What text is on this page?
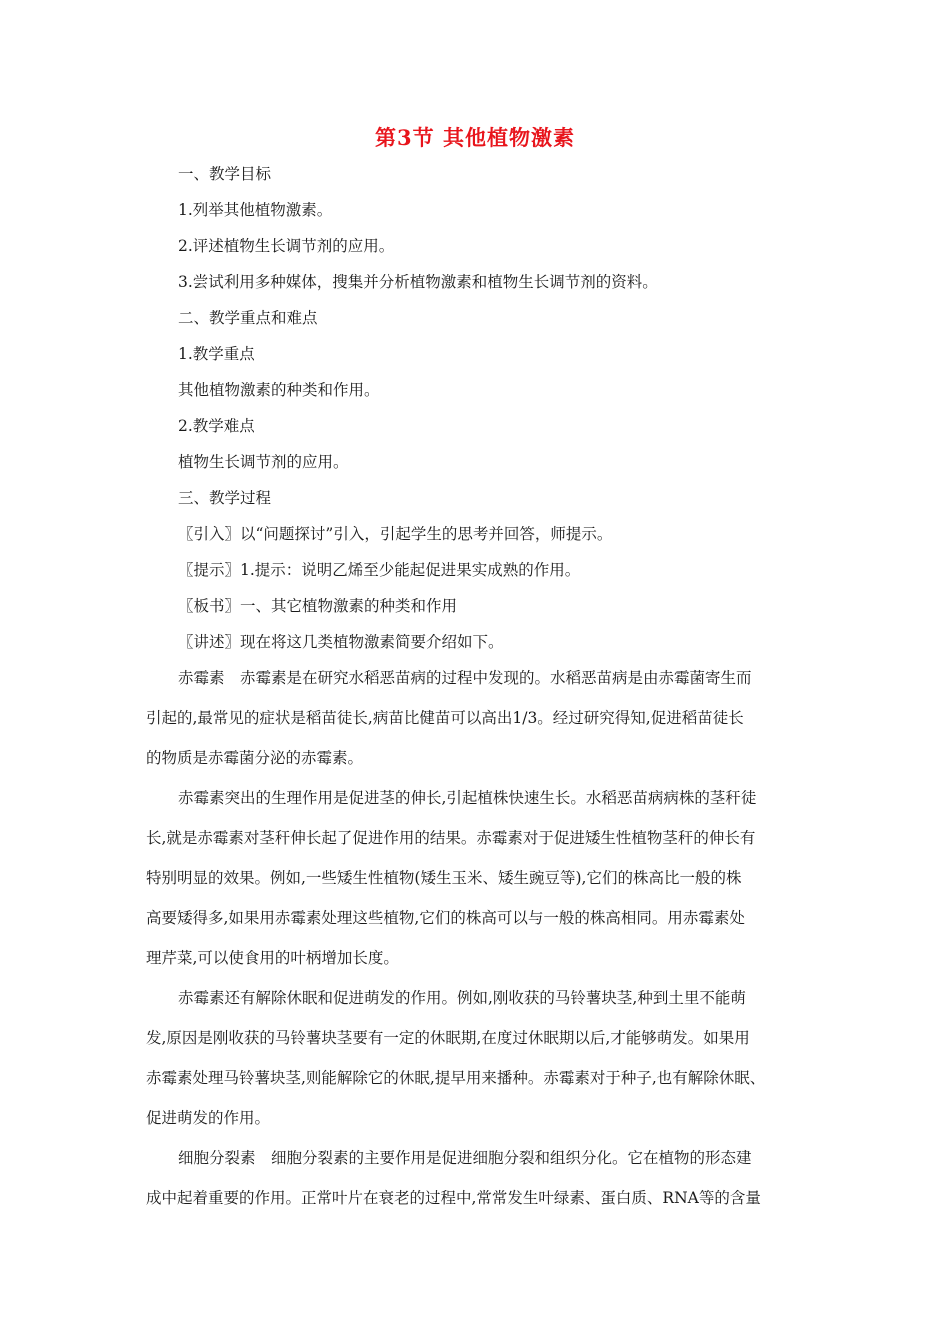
第3节 其他植物激素

一、教学目标

1.列举其他植物激素。

2.评述植物生长调节剂的应用。

3.尝试利用多种媒体，搜集并分析植物激素和植物生长调节剂的资料。

二、教学重点和难点

1.教学重点

其他植物激素的种类和作用。

2.教学难点

植物生长调节剂的应用。

三、教学过程

〖引入〗以“问题探讨”引入，引起学生的思考并回答，师提示。

〖提示〗1.提示：说明乙烯至少能起促进果实成熟的作用。

〖板书〗一、其它植物激素的种类和作用

〖讲述〗现在将这几类植物激素简要介绍如下。

赤霉素　赤霉素是在研究水稻恶苗病的过程中发现的。水稻恶苗病是由赤霉菌寄生而

引起的,最常见的症状是稻苗徒长,病苗比健苗可以高出1/3。经过研究得知,促进稻苗徒长

的物质是赤霉菌分泌的赤霉素。

赤霉素突出的生理作用是促进茎的伸长,引起植株快速生长。水稻恶苗病病株的茎秆徒

长,就是赤霉素对茎秆伸长起了促进作用的结果。赤霉素对于促进矮生性植物茎秆的伸长有

特别明显的效果。例如,一些矮生性植物(矮生玉米、矮生豌豆等),它们的株高比一般的株

高要矮得多,如果用赤霉素处理这些植物,它们的株高可以与一般的株高相同。用赤霉素处

理芹菜,可以使食用的叶柄增加长度。

赤霉素还有解除休眠和促进萌发的作用。例如,刚收获的马铃薯块茎,种到土里不能萌

发,原因是刚收获的马铃薯块茎要有一定的休眠期,在度过休眠期以后,才能够萌发。如果用

赤霉素处理马铃薯块茎,则能解除它的休眠,提早用来播种。赤霉素对于种子,也有解除休眠、

促进萌发的作用。

细胞分裂素　细胞分裂素的主要作用是促进细胞分裂和组织分化。它在植物的形态建

成中起着重要的作用。正常叶片在衰老的过程中,常常发生叶绿素、蛋白质、RNA等的含量
